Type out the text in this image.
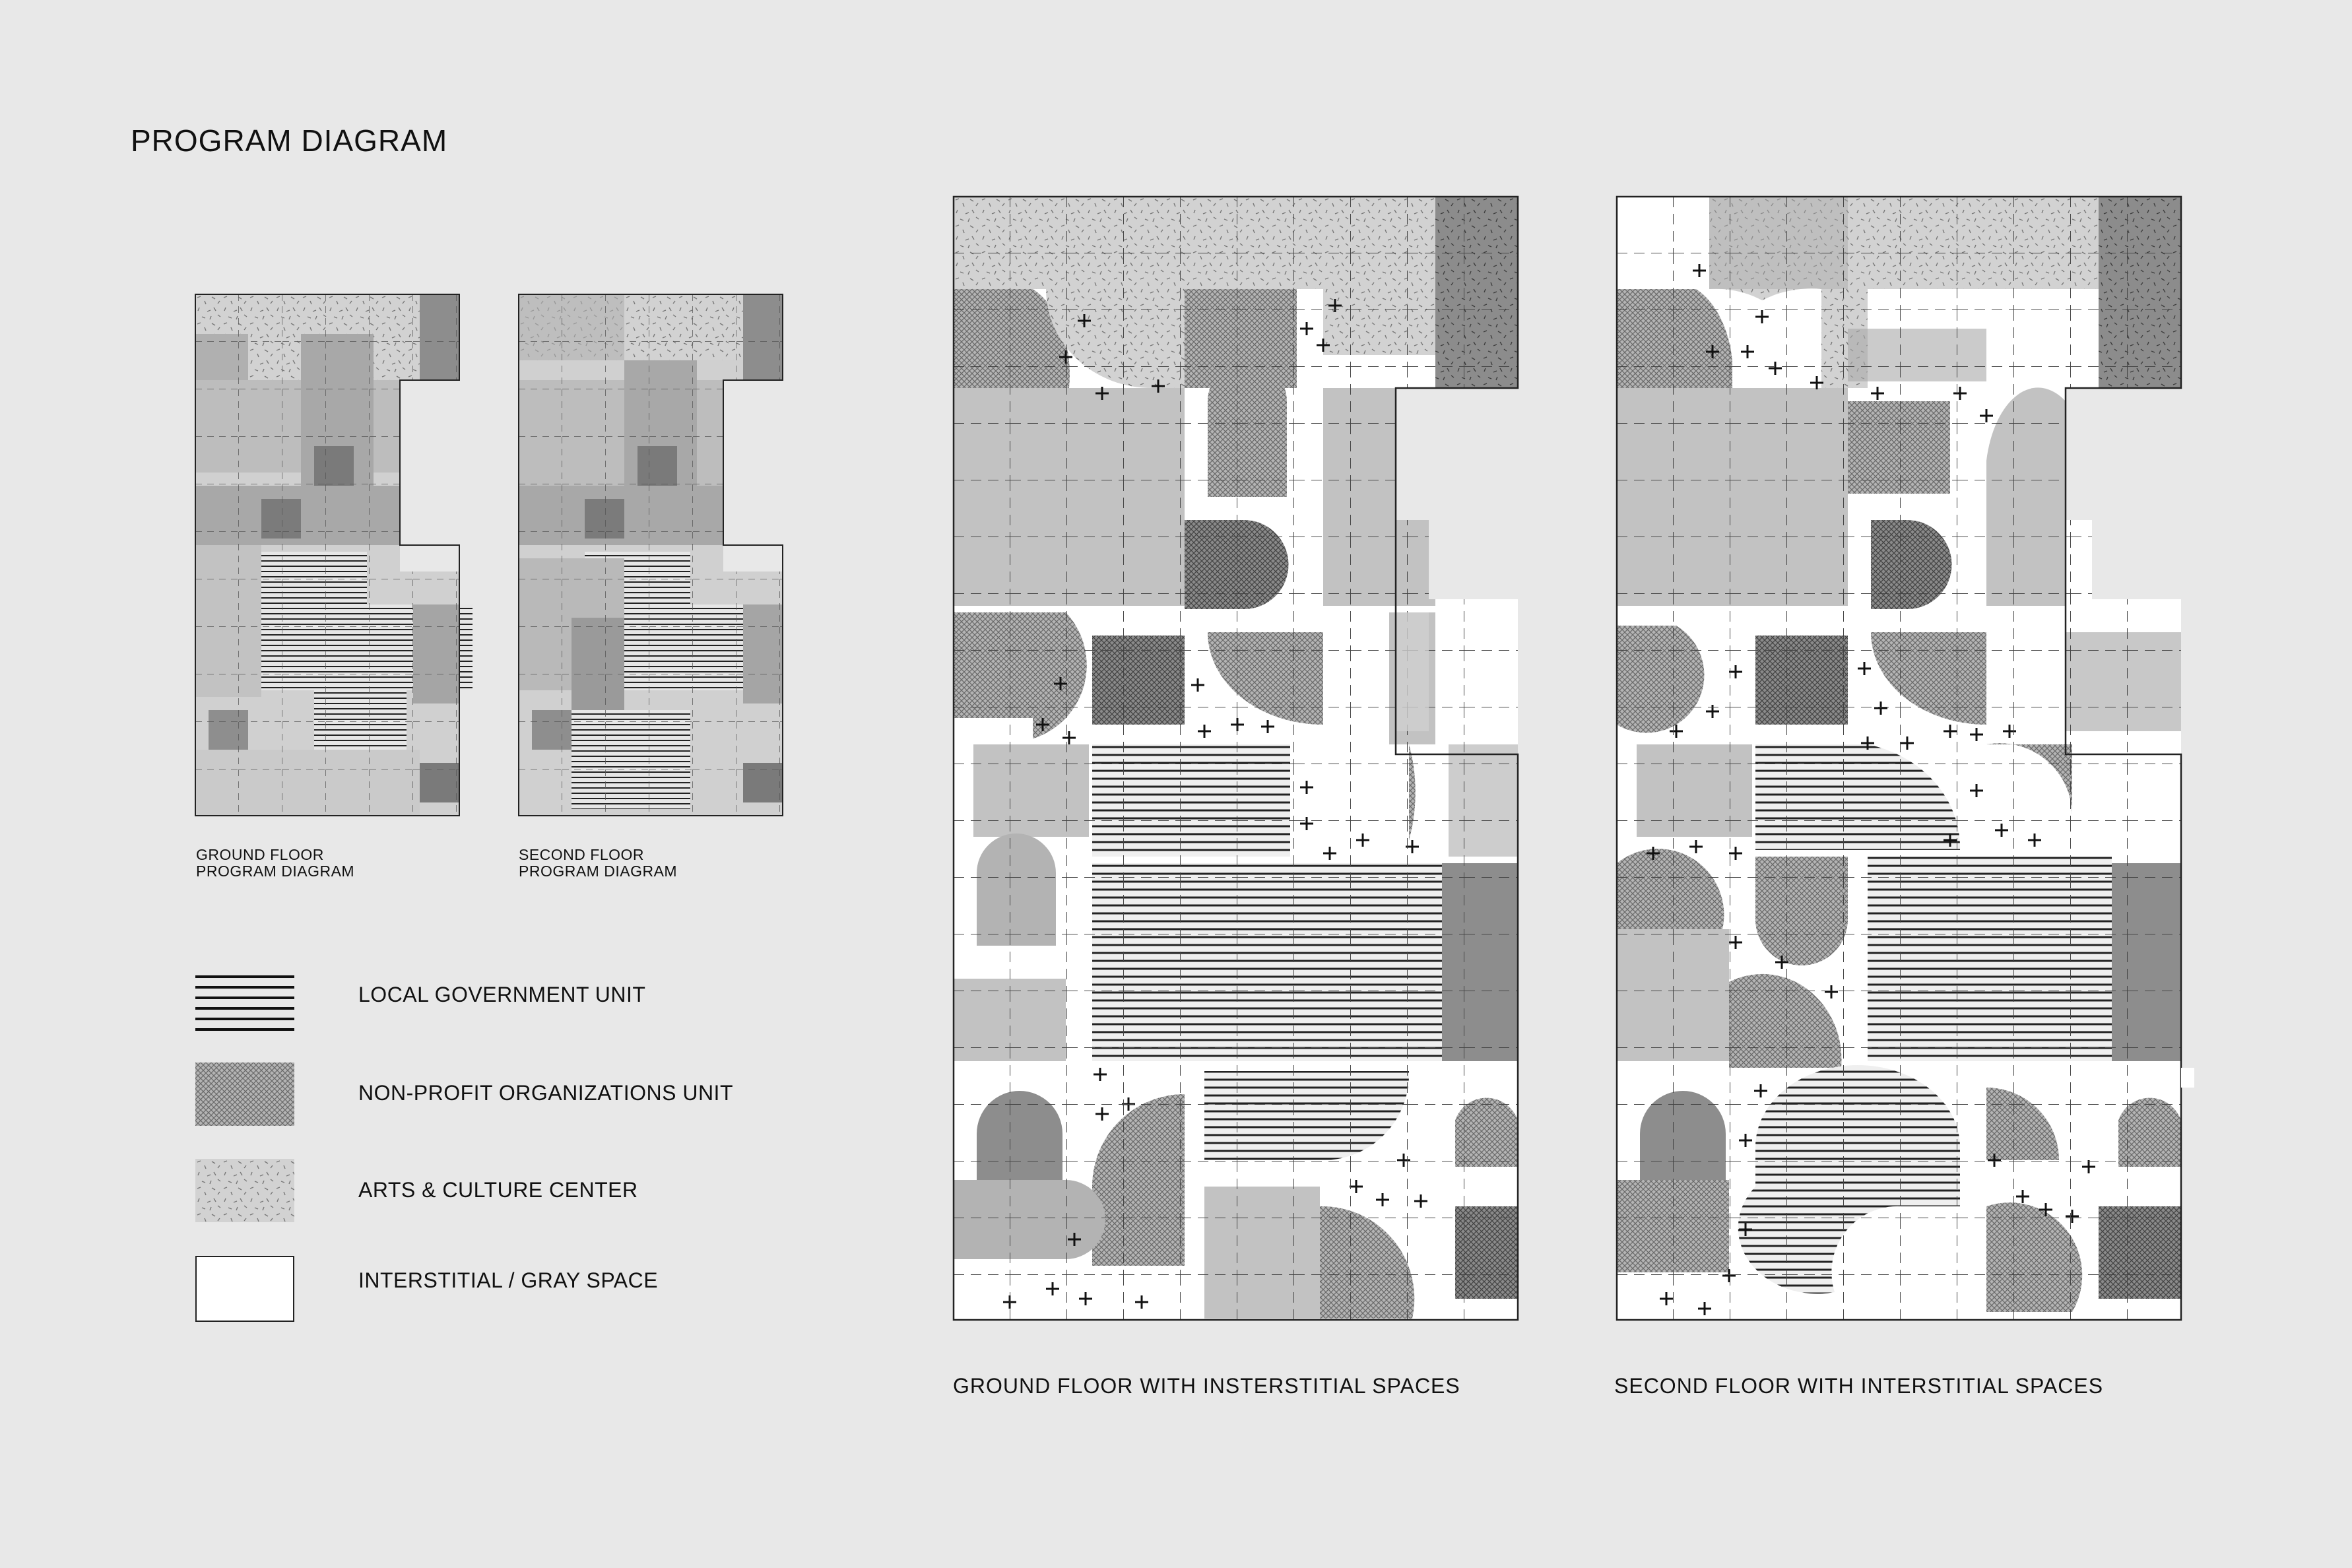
PROGRAM DIAGRAM
GROUND FLOOR
PROGRAM DIAGRAM
SECOND FLOOR
PROGRAM DIAGRAM
LOCAL GOVERNMENT UNIT
NON-PROFIT ORGANIZATIONS UNIT
ARTS & CULTURE CENTER
INTERSTITIAL / GRAY SPACE
GROUND FLOOR WITH INSTERSTITIAL SPACES	SECOND FLOOR WITH INTERSTITIAL SPACES
